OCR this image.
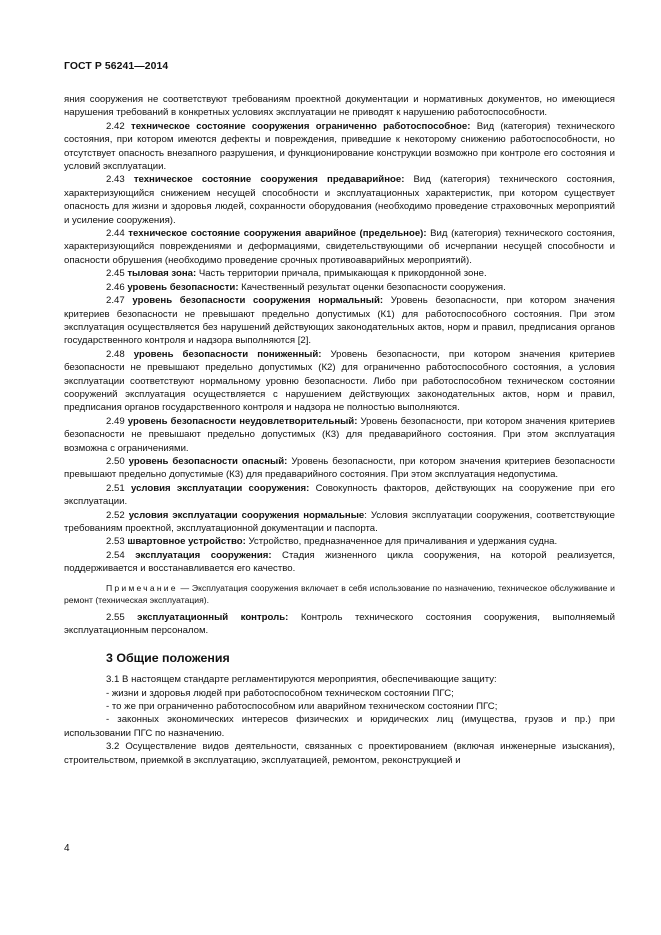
ГОСТ Р 56241—2014

яния сооружения не соответствуют требованиям проектной документации и нормативных документов, но имеющиеся нарушения требований в конкретных условиях эксплуатации не приводят к нарушению работоспособности.

2.42 техническое состояние сооружения ограниченно работоспособное: Вид (категория) технического состояния, при котором имеются дефекты и повреждения, приведшие к некоторому снижению работоспособности, но отсутствует опасность внезапного разрушения, и функционирование конструкции возможно при контроле его состояния и условий эксплуатации.

2.43 техническое состояние сооружения предаварийное: Вид (категория) технического состояния, характеризующийся снижением несущей способности и эксплуатационных характеристик, при котором существует опасность для жизни и здоровья людей, сохранности оборудования (необходимо проведение страховочных мероприятий и усиление сооружения).

2.44 техническое состояние сооружения аварийное (предельное): Вид (категория) технического состояния, характеризующийся повреждениями и деформациями, свидетельствующими об исчерпании несущей способности и опасности обрушения (необходимо проведение срочных противоаварийных мероприятий).

2.45 тыловая зона: Часть территории причала, примыкающая к прикордонной зоне.

2.46 уровень безопасности: Качественный результат оценки безопасности сооружения.

2.47 уровень безопасности сооружения нормальный: Уровень безопасности, при котором значения критериев безопасности не превышают предельно допустимых (К1) для работоспособного состояния. При этом эксплуатация осуществляется без нарушений действующих законодательных актов, норм и правил, предписания органов государственного контроля и надзора выполняются [2].

2.48 уровень безопасности пониженный: Уровень безопасности, при котором значения критериев безопасности не превышают предельно допустимых (К2) для ограниченно работоспособного состояния, а условия эксплуатации соответствуют нормальному уровню безопасности. Либо при работоспособном техническом состоянии сооружений эксплуатация осуществляется с нарушением действующих законодательных актов, норм и правил, предписания органов государственного контроля и надзора не полностью выполняются.

2.49 уровень безопасности неудовлетворительный: Уровень безопасности, при котором значения критериев безопасности не превышают предельно допустимых (К3) для предаварийного состояния. При этом эксплуатация возможна с ограничениями.

2.50 уровень безопасности опасный: Уровень безопасности, при котором значения критериев безопасности превышают предельно допустимые (К3) для предаварийного состояния. При этом эксплуатация недопустима.

2.51 условия эксплуатации сооружения: Совокупность факторов, действующих на сооружение при его эксплуатации.

2.52 условия эксплуатации сооружения нормальные: Условия эксплуатации сооружения, соответствующие требованиям проектной, эксплуатационной документации и паспорта.

2.53 швартовное устройство: Устройство, предназначенное для причаливания и удержания судна.

2.54 эксплуатация сооружения: Стадия жизненного цикла сооружения, на которой реализуется, поддерживается и восстанавливается его качество.

Примечание — Эксплуатация сооружения включает в себя использование по назначению, техническое обслуживание и ремонт (техническая эксплуатация).

2.55 эксплуатационный контроль: Контроль технического состояния сооружения, выполняемый эксплуатационным персоналом.

3 Общие положения

3.1 В настоящем стандарте регламентируются мероприятия, обеспечивающие защиту:

- жизни и здоровья людей при работоспособном техническом состоянии ПГС;

- то же при ограниченно работоспособном или аварийном техническом состоянии ПГС;

- законных экономических интересов физических и юридических лиц (имущества, грузов и пр.) при использовании ПГС по назначению.

3.2 Осуществление видов деятельности, связанных с проектированием (включая инженерные изыскания), строительством, приемкой в эксплуатацию, эксплуатацией, ремонтом, реконструкцией и

4
